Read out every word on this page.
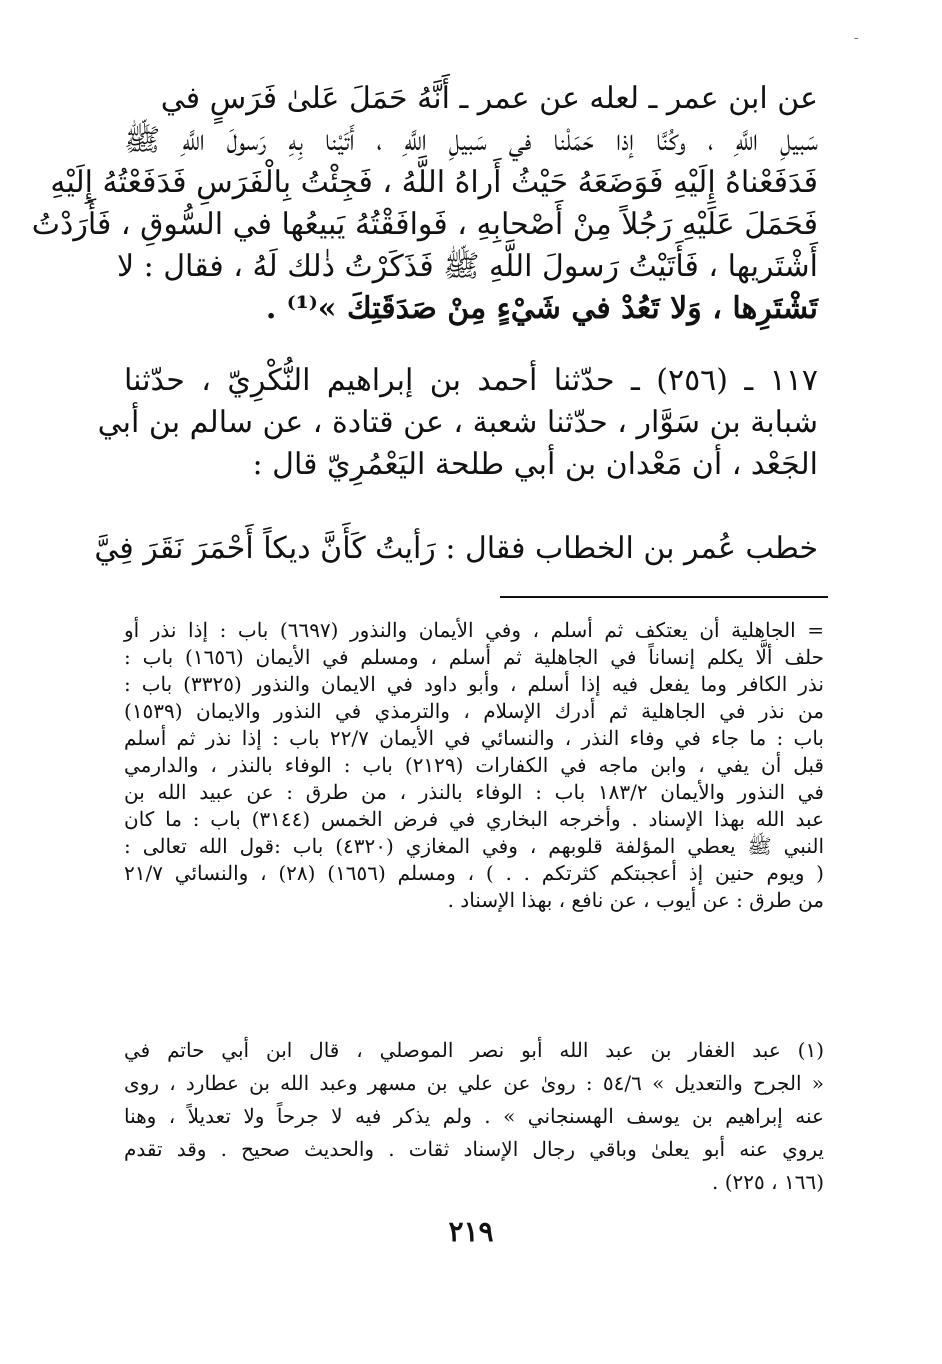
ـ
عن ابن عمر ـ لعله عن عمر ـ أَنَّهُ حَمَلَ عَلىٰ فَرَسٍ في
سَبيلِ اللَّهِ ، وكُنَّا إذا حَمَلْنا في سَبيلِ اللَّهِ ، أَتَيْنا بِهِ رَسولَ اللَّهِ ﷺ
فَدَفَعْناهُ إِلَيْهِ فَوَضَعَهُ حَيْثُ أَراهُ اللَّهُ ، فَجِئْتُ بِالْفَرَسِ فَدَفَعْتُهُ إِلَيْهِ
فَحَمَلَ عَلَيْهِ رَجُلاً مِنْ أَصْحابِهِ ، فَوافَقْتُهُ يَبيعُها في السُّوقِ ، فَأَرَدْتُ
أَشْتَريها ، فَأَتَيْتُ رَسولَ اللَّهِ ﷺ فَذَكَرْتُ ذٰلك لَهُ ، فقال : لا
تَشْتَرِها ، وَلا تَعُدْ في شَيْءٍ مِنْ صَدَقَتِكَ »⁽¹⁾ .
١١٧ ـ (٢٥٦) ـ حدّثنا أحمد بن إبراهيم النُّكْرِيّ ، حدّثنا
شبابة بن سَوَّار ، حدّثنا شعبة ، عن قتادة ، عن سالم بن أبي
الجَعْد ، أن مَعْدان بن أبي طلحة اليَعْمُرِيّ قال :
خطب عُمر بن الخطاب فقال : رَأيتُ كَأَنَّ ديكاً أَحْمَرَ نَقَرَ فِيَّ
= الجاهلية أن يعتكف ثم أسلم ، وفي الأيمان والنذور (٦٦٩٧) باب : إذا نذر أو
حلف ألَّا يكلم إنساناً في الجاهلية ثم أسلم ، ومسلم في الأيمان (١٦٥٦) باب :
نذر الكافر وما يفعل فيه إذا أسلم ، وأبو داود في الايمان والنذور (٣٣٢٥) باب :
من نذر في الجاهلية ثم أدرك الإسلام ، والترمذي في النذور والايمان (١٥٣٩)
باب : ما جاء في وفاء النذر ، والنسائي في الأيمان ٢٢/٧ باب : إذا نذر ثم أسلم
قبل أن يفي ، وابن ماجه في الكفارات (٢١٢٩) باب : الوفاء بالنذر ، والدارمي
في النذور والأيمان ١٨٣/٢ باب : الوفاء بالنذر ، من طرق : عن عبيد الله بن
عبد الله بهذا الإسناد . وأخرجه البخاري في فرض الخمس (٣١٤٤) باب : ما كان
النبي ﷺ يعطي المؤلفة قلوبهم ، وفي المغازي (٤٣٢٠) باب :قول الله تعالى :
( ويوم حنين إذ أعجبتكم كثرتكم . . ) ، ومسلم (١٦٥٦) (٢٨) ، والنسائي ٢١/٧
من طرق : عن أيوب ، عن نافع ، بهذا الإسناد .
(١) عبد الغفار بن عبد الله أبو نصر الموصلي ، قال ابن أبي حاتم في
« الجرح والتعديل » ٥٤/٦ : روىٰ عن علي بن مسهر وعبد الله بن عطارد ، روى
عنه إبراهيم بن يوسف الهسنجاني » . ولم يذكر فيه لا جرحاً ولا تعديلاً ، وهنا
يروي عنه أبو يعلىٰ وباقي رجال الإسناد ثقات . والحديث صحيح . وقد تقدم
(١٦٦ ، ٢٢٥) .
٢١٩
